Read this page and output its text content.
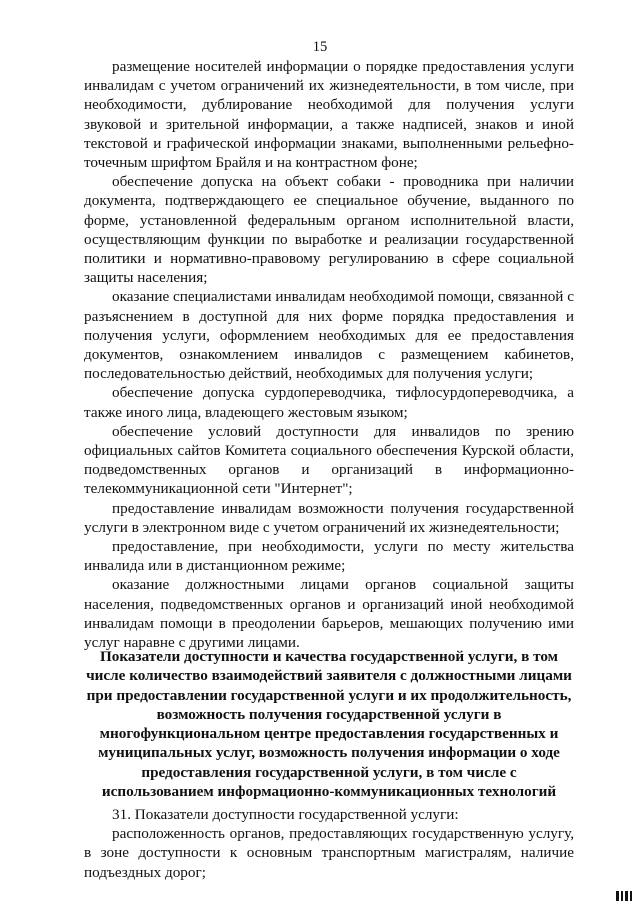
15

размещение носителей информации о порядке предоставления услуги инвалидам с учетом ограничений их жизнедеятельности, в том числе, при необходимости, дублирование необходимой для получения услуги звуковой и зрительной информации, а также надписей, знаков и иной текстовой и графической информации знаками, выполненными рельефно-точечным шрифтом Брайля и на контрастном фоне;

обеспечение допуска на объект собаки - проводника при наличии документа, подтверждающего ее специальное обучение, выданного по форме, установленной федеральным органом исполнительной власти, осуществляющим функции по выработке и реализации государственной политики и нормативно-правовому регулированию в сфере социальной защиты населения;

оказание специалистами инвалидам необходимой помощи, связанной с разъяснением в доступной для них форме порядка предоставления и получения услуги, оформлением необходимых для ее предоставления документов, ознакомлением инвалидов с размещением кабинетов, последовательностью действий, необходимых для получения услуги;

обеспечение допуска сурдопереводчика, тифлосурдопереводчика, а также иного лица, владеющего жестовым языком;

обеспечение условий доступности для инвалидов по зрению официальных сайтов Комитета социального обеспечения Курской области, подведомственных органов и организаций в информационно-телекоммуникационной сети "Интернет";

предоставление инвалидам возможности получения государственной услуги в электронном виде с учетом ограничений их жизнедеятельности;

предоставление, при необходимости, услуги по месту жительства инвалида или в дистанционном режиме;

оказание должностными лицами органов социальной защиты населения, подведомственных органов и организаций иной необходимой инвалидам помощи в преодолении барьеров, мешающих получению ими услуг наравне с другими лицами.

Показатели доступности и качества государственной услуги, в том числе количество взаимодействий заявителя с должностными лицами при предоставлении государственной услуги и их продолжительность, возможность получения государственной услуги в многофункциональном центре предоставления государственных и муниципальных услуг, возможность получения информации о ходе предоставления государственной услуги, в том числе с использованием информационно-коммуникационных технологий

31. Показатели доступности государственной услуги:

расположенность органов, предоставляющих государственную услугу, в зоне доступности к основным транспортным магистралям, наличие подъездных дорог;
